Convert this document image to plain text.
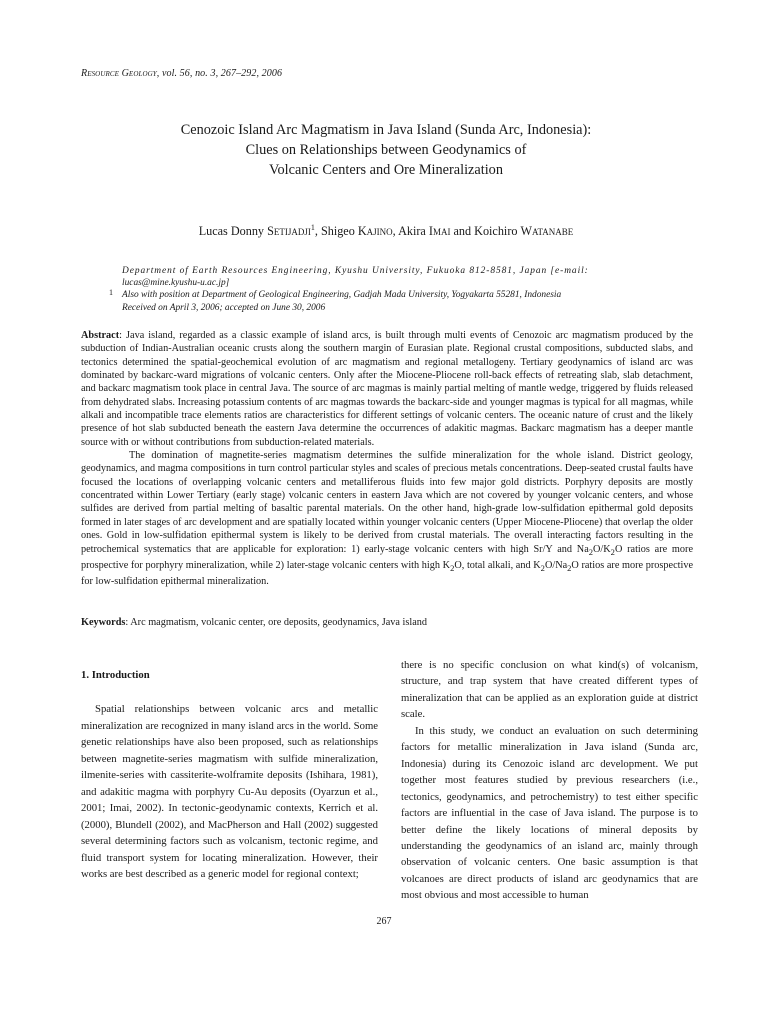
Resource Geology, vol. 56, no. 3, 267–292, 2006
Cenozoic Island Arc Magmatism in Java Island (Sunda Arc, Indonesia):
Clues on Relationships between Geodynamics of
Volcanic Centers and Ore Mineralization
Lucas Donny Setijadji$^1$, Shigeo Kajino, Akira Imai and Koichiro Watanabe
Department of Earth Resources Engineering, Kyushu University, Fukuoka 812-8581, Japan [e-mail:
lucas@mine.kyushu-u.ac.jp]
1 Also with position at Department of Geological Engineering, Gadjah Mada University, Yogyakarta 55281, Indonesia
Received on April 3, 2006; accepted on June 30, 2006

Abstract: Java island, regarded as a classic example of island arcs, is built through multi events of Cenozoic arc magmatism produced by the subduction of Indian-Australian oceanic crusts along the southern margin of Eurasian plate. Regional crustal compositions, subducted slabs, and tectonics determined the spatial-geochemical evolution of arc magmatism and regional metallogeny. Tertiary geodynamics of island arc was dominated by backarc-ward migrations of volcanic centers. Only after the Miocene-Pliocene roll-back effects of retreating slab, slab detachment, and backarc magmatism took place in central Java. The source of arc magmas is mainly partial melting of mantle wedge, triggered by fluids released from dehydrated slabs. Increasing potassium contents of arc magmas towards the backarc-side and younger magmas is typical for all magmas, while alkali and incompatible trace elements ratios are characteristics for different settings of volcanic centers. The oceanic nature of crust and the likely presence of hot slab subducted beneath the eastern Java determine the occurrences of adakitic magmas. Backarc magmatism has a deeper mantle source with or without contributions from subduction-related materials.

The domination of magnetite-series magmatism determines the sulfide mineralization for the whole island. District geology, geodynamics, and magma compositions in turn control particular styles and scales of precious metals concentrations. Deep-seated crustal faults have focused the locations of overlapping volcanic centers and metalliferous fluids into few major gold districts. Porphyry deposits are mostly concentrated within Lower Tertiary (early stage) volcanic centers in eastern Java which are not covered by younger volcanic centers, and whose sulfides are derived from partial melting of basaltic parental materials. On the other hand, high-grade low-sulfidation epithermal gold deposits formed in later stages of arc development and are spatially located within younger volcanic centers (Upper Miocene-Pliocene) that overlap the older ones. Gold in low-sulfidation epithermal system is likely to be derived from crustal materials. The overall interacting factors resulting in the petrochemical systematics that are applicable for exploration: 1) early-stage volcanic centers with high Sr/Y and $Na_2O/K_2O$ ratios are more prospective for porphyry mineralization, while 2) later-stage volcanic centers with high $K_2O$, total alkali, and $K_2O/Na_2O$ ratios are more prospective for low-sulfidation epithermal mineralization.

Keywords: Arc magmatism, volcanic center, ore deposits, geodynamics, Java island

1. Introduction

Spatial relationships between volcanic arcs and metallic mineralization are recognized in many island arcs in the world. Some genetic relationships have also been proposed, such as relationships between magnetite-series magmatism with sulfide mineralization, ilmenite-series with cassiterite-wolframite deposits (Ishihara, 1981), and adakitic magma with porphyry Cu-Au deposits (Oyarzun et al., 2001; Imai, 2002). In tectonic-geodynamic contexts, Kerrich et al. (2000), Blundell (2002), and MacPherson and Hall (2002) suggested several determining factors such as volcanism, tectonic regime, and fluid transport system for locating mineralization. However, their works are best described as a generic model for regional context;

there is no specific conclusion on what kind(s) of volcanism, structure, and trap system that have created different types of mineralization that can be applied as an exploration guide at district scale.

In this study, we conduct an evaluation on such determining factors for metallic mineralization in Java island (Sunda arc, Indonesia) during its Cenozoic island arc development. We put together most features studied by previous researchers (i.e., tectonics, geodynamics, and petrochemistry) to test either specific factors are influential in the case of Java island. The purpose is to better define the likely locations of mineral deposits by understanding the geodynamics of an island arc, mainly through observation of volcanic centers. One basic assumption is that volcanoes are direct products of island arc geodynamics that are most obvious and most accessible to human

267
